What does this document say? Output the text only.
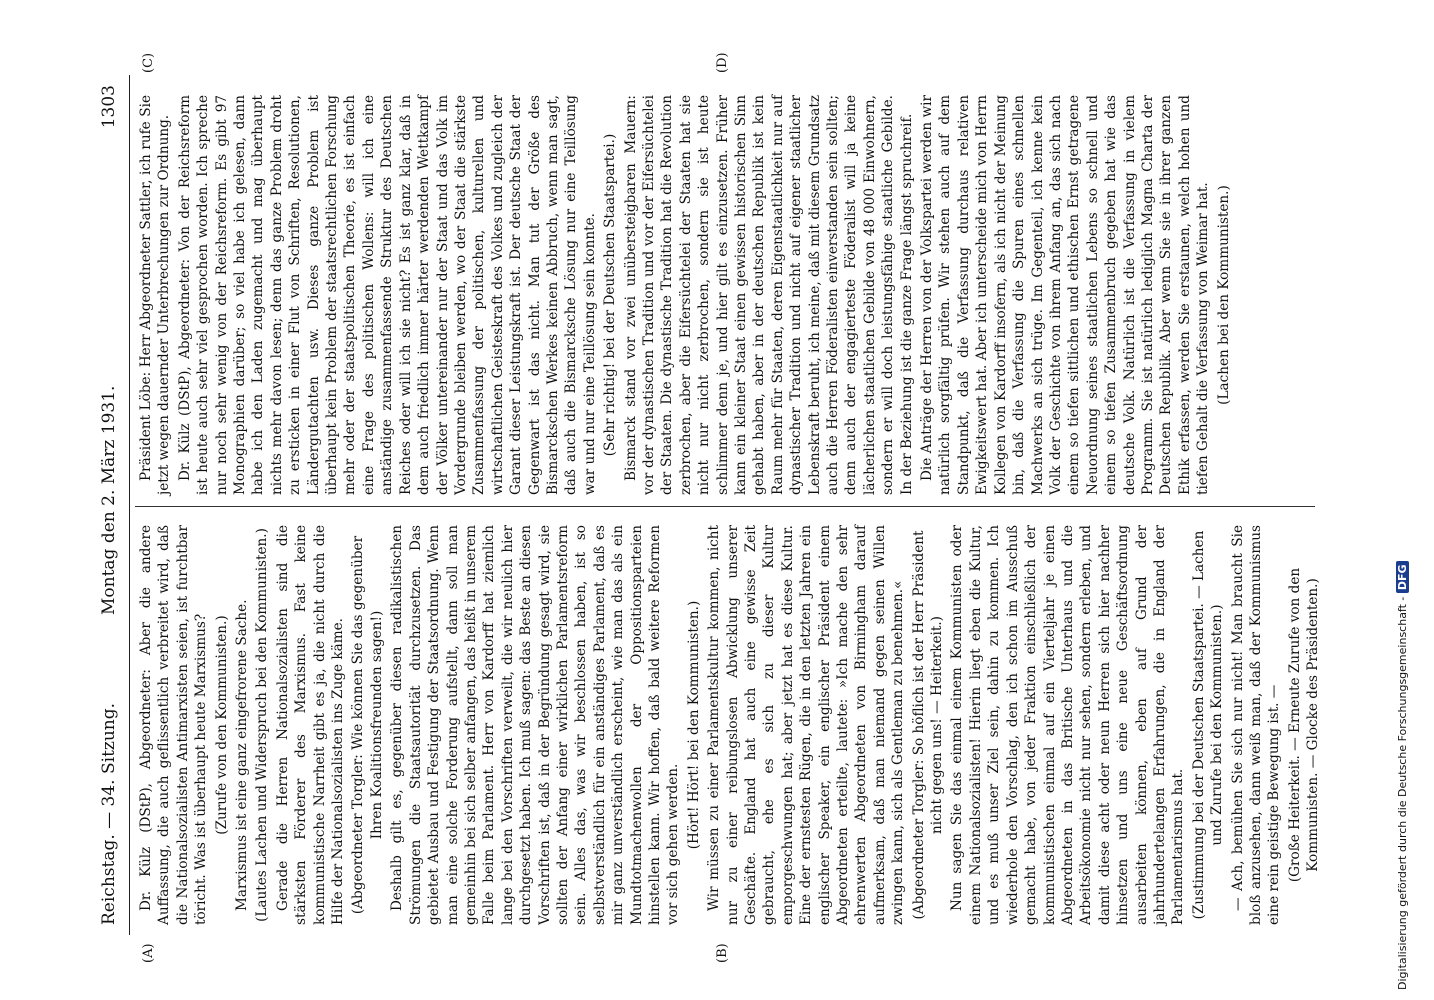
Reichstag. — 34. Sitzung.
Montag den 2. März 1931.
1303

Dr. Külz (DStP), Abgeordneter: Aber die andere Auffassung, die auch geflissentlich verbreitet wird, daß die Nationalsozialisten Antimarxisten seien, ist furchtbar töricht. Was ist überhaupt heute Marxismus? (Zurufe von den Kommunisten.) Marxismus ist eine ganz eingefrorene Sache. (Lautes Lachen und Widerspruch bei den Kommunisten.) Gerade die Herren Nationalsozialisten sind die stärksten Förderer des Marxismus. Fast keine kommunistische Narrheit gibt es ja, die nicht durch die Hilfe der Nationalsozialisten ins Zuge käme. (Abgeordneter Torgler: Wie können Sie das gegenüber Ihren Koalitionsfreunden sagen!) Deshalb gilt es, gegenüber diesen radikalistischen Strömungen die Staatsautorität durchzusetzen. Das gebietet Ausbau und Festigung der Staatsordnung. Wenn man eine solche Forderung aufstellt, dann soll man gemeinhin bei sich selber anfangen, das heißt in unserem Falle beim Parlament. Herr von Kardorff hat ziemlich lange bei den Vorschriften verweilt, die wir neulich hier durchgesetzt haben. Ich muß sagen: das Beste an diesen Vorschriften ist, daß in der Begründung gesagt wird, sie sollten der Anfang einer wirklichen Parlamentsreform sein. Alles das, was wir beschlossen haben, ist so selbstverständlich für ein anständiges Parlament, daß es mir ganz unverständlich erscheint, wie man das als ein Mundtotmachenwollen der Oppositionsparteien hinstellen kann. Wir hoffen, daß bald weitere Reformen vor sich gehen werden. (Hört! Hört! bei den Kommunisten.) Wir müssen zu einer Parlamentskultur kommen, nicht nur zu einer reibungslosen Abwicklung unserer Geschäfte. England hat auch eine gewisse Zeit gebraucht, ehe es sich zu dieser Kultur emporgeschwungen hat; aber jetzt hat es diese Kultur. Eine der ernstesten Rügen, die in den letzten Jahren ein englischer Speaker, ein englischer Präsident einem Abgeordneten erteilte, lautete: »Ich mache den sehr ehrenwerten Abgeordneten von Birmingham darauf aufmerksam, daß man niemand gegen seinen Willen zwingen kann, sich als Gentleman zu benehmen.« (Abgeordneter Torgler: So höflich ist der Herr Präsident nicht gegen uns! — Heiterkeit.) Nun sagen Sie das einmal einem Kommunisten oder einem Nationalsozialisten! Hierin liegt eben die Kultur, und es muß unser Ziel sein, dahin zu kommen. Ich wiederhole den Vorschlag, den ich schon im Ausschuß gemacht habe, von jeder Fraktion einschließlich der kommunistischen einmal auf ein Vierteljahr je einen Abgeordneten in das Britische Unterhaus und die Arbeitsökonomie nicht nur sehen, sondern erleben, und damit diese acht oder neun Herren sich hier nachher hinsetzen und uns eine neue Geschäftsordnung ausarbeiten können, eben auf Grund der jahrhundertelangen Erfahrungen, die in England der Parlamentarismus hat. (Zustimmung bei der Deutschen Staatspartei. — Lachen und Zurufe bei den Kommunisten.) — Ach, bemühen Sie sich nur nicht! Man braucht Sie bloß anzusehen, dann weiß man, daß der Kommunismus eine rein geistige Bewegung ist. — (Große Heiterkeit. — Erneute Zurufe von den Kommunisten. — Glocke des Präsidenten.)

Präsident Löbe: Herr Abgeordneter Sattler, ich rufe Sie jetzt wegen dauernder Unterbrechungen zur Ordnung. Dr. Külz (DStP), Abgeordneter: Von der Reichsreform ist heute auch sehr viel gesprochen worden. Ich spreche nur noch sehr wenig von der Reichsreform. Es gibt 97 Monographien darüber; so viel habe ich gelesen, dann habe ich den Laden zugemacht und mag überhaupt nichts mehr davon lesen; denn das ganze Problem droht zu ersticken in einer Flut von Schriften, Resolutionen, Ländergutachten usw. Dieses ganze Problem ist überhaupt kein Problem der staatsrechtlichen Forschung mehr oder der staatspolitischen Theorie, es ist einfach eine Frage des politischen Wollens: will ich eine anständige zusammenfassende Struktur des Deutschen Reiches oder will ich sie nicht? Es ist ganz klar, daß in dem auch friedlich immer härter werdenden Wettkampf der Völker untereinander nur der Staat und das Volk im Vordergrunde bleiben werden, wo der Staat die stärkste Zusammenfassung der politischen, kulturellen und wirtschaftlichen Geisteskraft des Volkes und zugleich der Garant dieser Leistungskraft ist. Der deutsche Staat der Gegenwart ist das nicht. Man tut der Größe des Bismarckschen Werkes keinen Abbruch, wenn man sagt, daß auch die Bismarcksche Lösung nur eine Teillösung war und nur eine Teillösung sein konnte. (Sehr richtig! bei der Deutschen Staatspartei.) Bismarck stand vor zwei unübersteigbaren Mauern: vor der dynastischen Tradition und vor der Eifersüchtelei der Staaten. Die dynastische Tradition hat die Revolution zerbrochen, aber die Eifersüchtelei der Staaten hat sie nicht nur nicht zerbrochen, sondern sie ist heute schlimmer denn je, und hier gilt es einzusetzen. Früher kann ein kleiner Staat einen gewissen historischen Sinn gehabt haben, aber in der deutschen Republik ist kein Raum mehr für Staaten, deren Eigenstaatlichkeit nur auf dynastischer Tradition und nicht auf eigener staatlicher Lebenskraft beruht, ich meine, daß mit diesem Grundsatz auch die Herren Föderalisten einverstanden sein sollten; denn auch der engagierteste Föderalist will ja keine lächerlichen staatlichen Gebilde von 48 000 Einwohnern, sondern er will doch leistungsfähige staatliche Gebilde. In der Beziehung ist die ganze Frage längst spruchreif. Die Anträge der Herren von der Volkspartei werden wir natürlich sorgfältig prüfen. Wir stehen auch auf dem Standpunkt, daß die Verfassung durchaus relativen Ewigkeitswert hat. Aber ich unterscheide mich von Herrn Kollegen von Kardorff insofern, als ich nicht der Meinung bin, daß die Verfassung die Spuren eines schnellen Machwerks an sich trüge. Im Gegenteil, ich kenne kein Volk der Geschichte von ihrem Anfang an, das sich nach einem so tiefen sittlichen und ethischen Ernst getragene Neuordnung seines staatlichen Lebens so schnell und einem so tiefen Zusammenbruch gegeben hat wie das deutsche Volk. Natürlich ist die Verfassung in vielem Programm. Sie ist natürlich lediglich Magna Charta der Deutschen Republik. Aber wenn Sie sie in ihrer ganzen Ethik erfassen, werden Sie erstaunen, welch hohen und tiefen Gehalt die Verfassung von Weimar hat. (Lachen bei den Kommunisten.)

(A)	(B)
(C)	(D)
Digitalisierung gefördert durch die Deutsche Forschungsgemeinschaft - DFG
